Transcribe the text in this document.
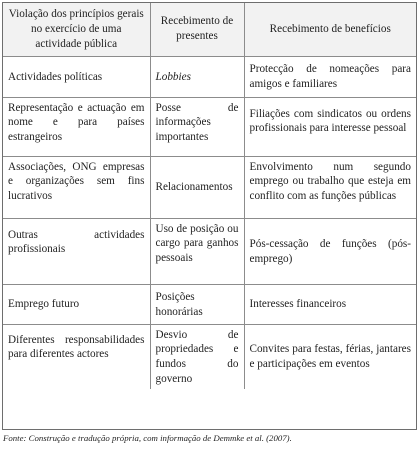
Violação dos princípios gerais no exercício de uma actividade pública	Recebimento de presentes	Recebimento de benefícios
Actividades políticas	Lobbies	Protecção de nomeações para amigos e familiares
Representação e actuação em nome e para países estrangeiros	Posse de informações importantes	Filiações com sindicatos ou ordens profissionais para interesse pessoal
Associações, ONG empresas e organizações sem fins lucrativos	Relacionamentos	Envolvimento num segundo emprego ou trabalho que esteja em conflito com as funções públicas
Outras actividades profissionais	Uso de posição ou cargo para ganhos pessoais	Pós-cessação de funções (pós-emprego)
Emprego futuro	Posições honorárias	Interesses financeiros
Diferentes responsabilidades para diferentes actores	Desvio de propriedades e fundos do governo	Convites para festas, férias, jantares e participações em eventos
Fonte: Construção e tradução própria, com informação de Demmke et al. (2007).
